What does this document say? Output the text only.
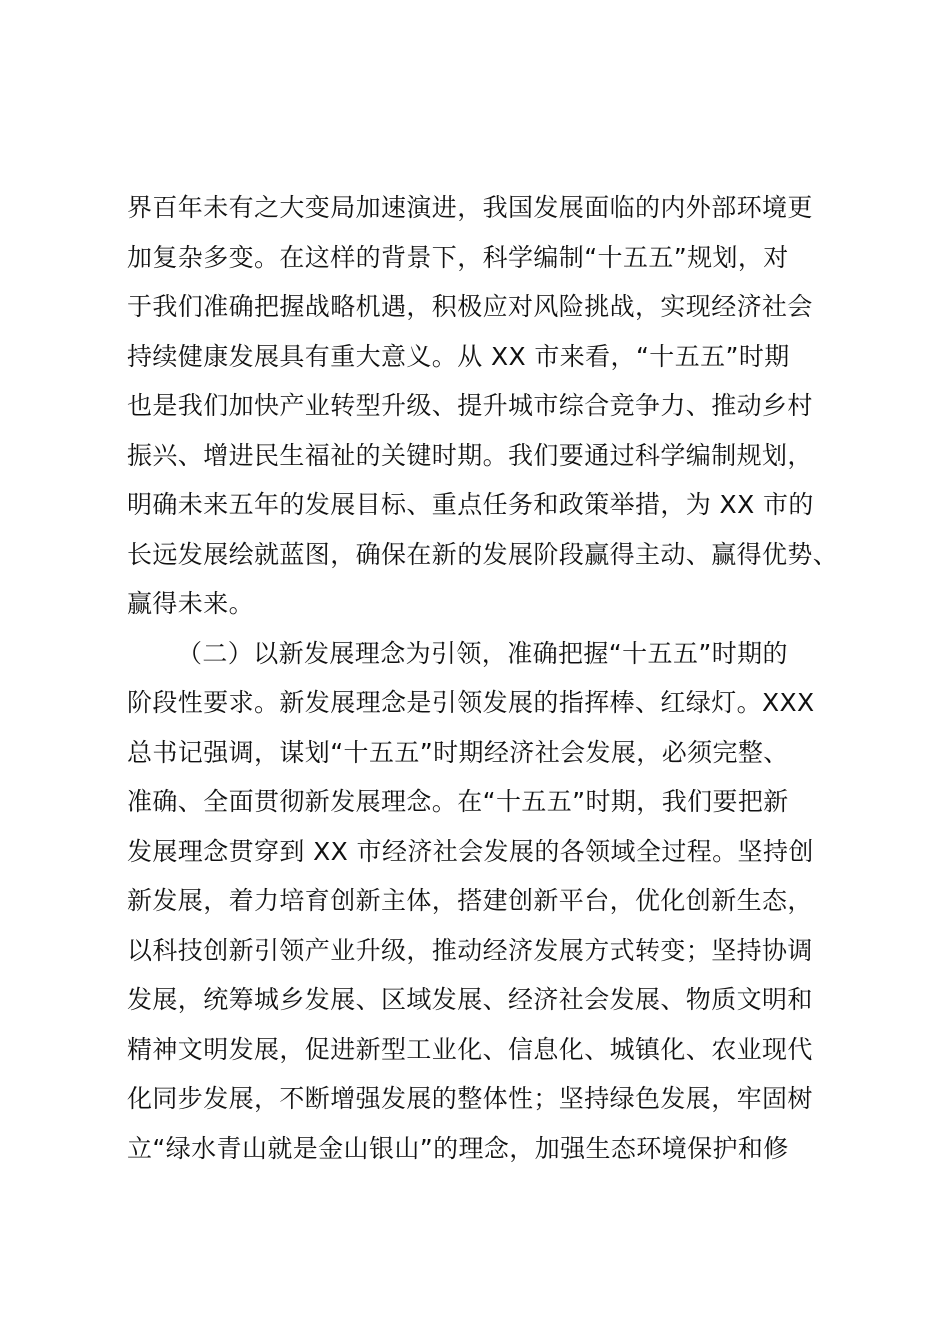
界百年未有之大变局加速演进，我国发展面临的内外部环境更
加复杂多变。在这样的背景下，科学编制“十五五”规划，对
于我们准确把握战略机遇，积极应对风险挑战，实现经济社会
持续健康发展具有重大意义。从 XX 市来看，“十五五”时期
也是我们加快产业转型升级、提升城市综合竞争力、推动乡村
振兴、增进民生福祉的关键时期。我们要通过科学编制规划，
明确未来五年的发展目标、重点任务和政策举措，为 XX 市的
长远发展绘就蓝图，确保在新的发展阶段赢得主动、赢得优势、
赢得未来。
（二）以新发展理念为引领，准确把握“十五五”时期的
阶段性要求。新发展理念是引领发展的指挥棒、红绿灯。XXX
总书记强调，谋划“十五五”时期经济社会发展，必须完整、
准确、全面贯彻新发展理念。在“十五五”时期，我们要把新
发展理念贯穿到 XX 市经济社会发展的各领域全过程。坚持创
新发展，着力培育创新主体，搭建创新平台，优化创新生态，
以科技创新引领产业升级，推动经济发展方式转变；坚持协调
发展，统筹城乡发展、区域发展、经济社会发展、物质文明和
精神文明发展，促进新型工业化、信息化、城镇化、农业现代
化同步发展，不断增强发展的整体性；坚持绿色发展，牢固树
立“绿水青山就是金山银山”的理念，加强生态环境保护和修
